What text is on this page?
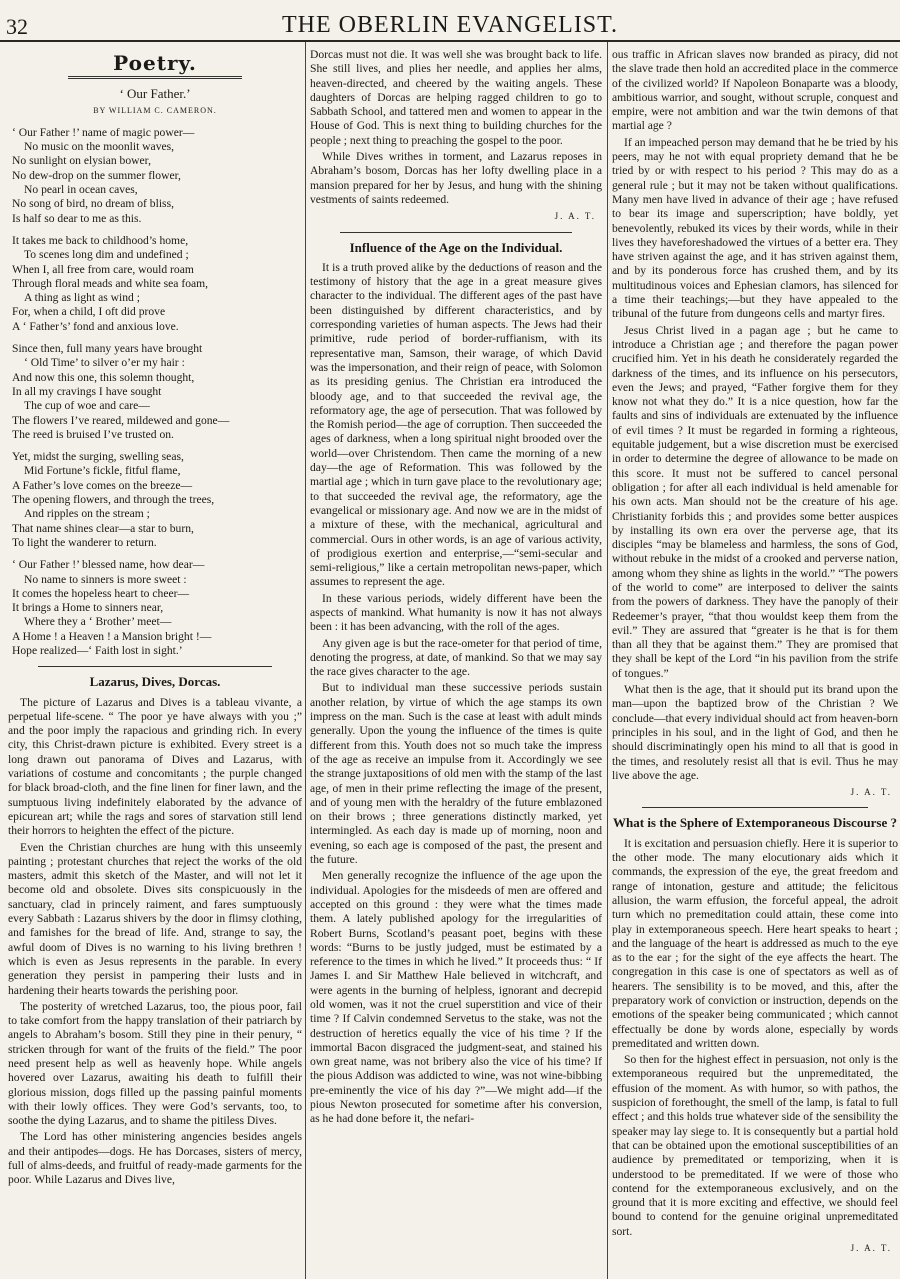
32	THE OBERLIN EVANGELIST.
Poetry.
‘ Our Father.’
BY WILLIAM C. CAMERON.
‘ Our Father !’ name of magic power—
No music on the moonlit waves,
No sunlight on elysian bower,
No dew-drop on the summer flower,
No pearl in ocean caves,
No song of bird, no dream of bliss,
Is half so dear to me as this.
It takes me back to childhood’s home,
To scenes long dim and undefined ;
When I, all free from care, would roam
Through floral meads and white sea foam,
A thing as light as wind ;
For, when a child, I oft did prove
A ‘ Father’s’ fond and anxious love.
Since then, full many years have brought
‘ Old Time’ to silver o’er my hair :
And now this one, this solemn thought,
In all my cravings I have sought
The cup of woe and care—
The flowers I’ve reared, mildewed and gone—
The reed is bruised I’ve trusted on.
Yet, midst the surging, swelling seas,
Mid Fortune’s fickle, fitful flame,
A Father’s love comes on the breeze—
The opening flowers, and through the trees,
And ripples on the stream ;
That name shines clear—a star to burn,
To light the wanderer to return.
‘ Our Father !’ blessed name, how dear—
No name to sinners is more sweet :
It comes the hopeless heart to cheer—
It brings a Home to sinners near,
Where they a ‘ Brother’ meet—
A Home ! a Heaven ! a Mansion bright !—
Hope realized—‘ Faith lost in sight.’
Lazarus, Dives, Dorcas.

The picture of Lazarus and Dives is a tableau vivante, a perpetual life-scene. “ The poor ye have always with you ;” and the poor imply the rapacious and grinding rich. In every city, this Christ-drawn picture is exhibited. Every street is a long drawn out panorama of Dives and Lazarus, with variations of costume and concomitants ; the purple changed for black broad-cloth, and the fine linen for finer lawn, and the sumptuous living indefinitely elaborated by the advance of epicurean art; while the rags and sores of starvation still lend their horrors to heighten the effect of the picture.

Even the Christian churches are hung with this unseemly painting ; protestant churches that reject the works of the old masters, admit this sketch of the Master, and will not let it become old and obsolete. Dives sits conspicuously in the sanctuary, clad in princely raiment, and fares sumptuously every Sabbath : Lazarus shivers by the door in flimsy clothing, and famishes for the bread of life. And, strange to say, the awful doom of Dives is no warning to his living brethren ! which is even as Jesus represents in the parable. In every generation they persist in pampering their lusts and in hardening their hearts towards the perishing poor.

The posterity of wretched Lazarus, too, the pious poor, fail to take comfort from the happy translation of their patriarch by angels to Abraham’s bosom. Still they pine in their penury, “ stricken through for want of the fruits of the field.” The poor need present help as well as heavenly hope. While angels hovered over Lazarus, awaiting his death to fulfill their glorious mission, dogs filled up the passing painful moments with their lowly offices. They were God’s servants, too, to soothe the dying Lazarus, and to shame the pitiless Dives.

The Lord has other ministering angencies besides angels and their antipodes—dogs. He has Dorcases, sisters of mercy, full of alms-deeds, and fruitful of ready-made garments for the poor. While Lazarus and Dives live,

Dorcas must not die. It was well she was brought back to life. She still lives, and plies her needle, and applies her alms, heaven-directed, and cheered by the waiting angels. These daughters of Dorcas are helping ragged children to go to Sabbath School, and tattered men and women to appear in the House of God. This is next thing to building churches for the people ; next thing to preaching the gospel to the poor.

While Dives writhes in torment, and Lazarus reposes in Abraham’s bosom, Dorcas has her lofty dwelling place in a mansion prepared for her by Jesus, and hung with the shining vestments of saints redeemed.

J. A. T.
Influence of the Age on the Individual.

It is a truth proved alike by the deductions of reason and the testimony of history that the age in a great measure gives character to the individual. The different ages of the past have been distinguished by different characteristics, and by corresponding varieties of human aspects. The Jews had their primitive, rude period of border-ruffianism, with its representative man, Samson, their warage, of which David was the impersonation, and their reign of peace, with Solomon as its presiding genius. The Christian era introduced the bloody age, and to that succeeded the revival age, the reformatory age, the age of persecution. That was followed by the Romish period—the age of corruption. Then succeeded the ages of darkness, when a long spiritual night brooded over the world—over Christendom. Then came the morning of a new day—the age of Reformation. This was followed by the martial age ; which in turn gave place to the revolutionary age; to that succeeded the revival age, the reformatory, age the evangelical or missionary age. And now we are in the midst of a mixture of these, with the mechanical, agricultural and commercial. Ours in other words, is an age of various activity, of prodigious exertion and enterprise,—“semi-secular and semi-religious,” like a certain metropolitan news-paper, which assumes to represent the age.

In these various periods, widely different have been the aspects of mankind. What humanity is now it has not always been : it has been advancing, with the roll of the ages.

Any given age is but the race-ometer for that period of time, denoting the progress, at date, of mankind. So that we may say the race gives character to the age.

But to individual man these successive periods sustain another relation, by virtue of which the age stamps its own impress on the man. Such is the case at least with adult minds generally. Upon the young the influence of the times is quite different from this. Youth does not so much take the impress of the age as receive an impulse from it. Accordingly we see the strange juxtapositions of old men with the stamp of the last age, of men in their prime reflecting the image of the present, and of young men with the heraldry of the future emblazoned on their brows ; three generations distinctly marked, yet intermingled. As each day is made up of morning, noon and evening, so each age is composed of the past, the present and the future.

Men generally recognize the influence of the age upon the individual. Apologies for the misdeeds of men are offered and accepted on this ground : they were what the times made them. A lately published apology for the irregularities of Robert Burns, Scotland’s peasant poet, begins with these words: “Burns to be justly judged, must be estimated by a reference to the times in which he lived.” It proceeds thus: “ If James I. and Sir Matthew Hale believed in witchcraft, and were agents in the burning of helpless, ignorant and decrepid old women, was it not the cruel superstition and vice of their time ? If Calvin condemned Servetus to the stake, was not the destruction of heretics equally the vice of his time ? If the immortal Bacon disgraced the judgment-seat, and stained his own great name, was not bribery also the vice of his time? If the pious Addison was addicted to wine, was not wine-bibbing pre-eminently the vice of his day ?”—We might add—if the pious Newton prosecuted for sometime after his conversion, as he had done before it, the nefari-

ous traffic in African slaves now branded as piracy, did not the slave trade then hold an accredited place in the commerce of the civilized world? If Napoleon Bonaparte was a bloody, ambitious warrior, and sought, without scruple, conquest and empire, were not ambition and war the twin demons of that martial age ?

If an impeached person may demand that he be tried by his peers, may he not with equal propriety demand that he be tried by or with respect to his period ? This may do as a general rule ; but it may not be taken without qualifications. Many men have lived in advance of their age ; have refused to bear its image and superscription; have boldly, yet benevolently, rebuked its vices by their words, while in their lives they haveforeshadowed the virtues of a better era. They have striven against the age, and it has striven against them, and by its ponderous force has crushed them, and by its multitudinous voices and Ephesian clamors, has silenced for a time their teachings;—but they have appealed to the tribunal of the future from dungeons cells and martyr fires.

Jesus Christ lived in a pagan age ; but he came to introduce a Christian age ; and therefore the pagan power crucified him. Yet in his death he considerately regarded the darkness of the times, and its influence on his persecutors, even the Jews; and prayed, “Father forgive them for they know not what they do.” It is a nice question, how far the faults and sins of individuals are extenuated by the influence of evil times ? It must be regarded in forming a righteous, equitable judgement, but a wise discretion must be exercised in order to determine the degree of allowance to be made on this score. It must not be suffered to cancel personal obligation ; for after all each individual is held amenable for his own acts. Man should not be the creature of his age. Christianity forbids this ; and provides some better auspices by installing its own era over the perverse age, that its disciples “may be blameless and harmless, the sons of God, without rebuke in the midst of a crooked and perverse nation, among whom they shine as lights in the world.” “The powers of the world to come” are interposed to deliver the saints from the powers of darkness. They have the panoply of their Redeemer’s prayer, “that thou wouldst keep them from the evil.” They are assured that “greater is he that is for them than all they that be against them.” They are promised that they shall be kept of the Lord “in his pavilion from the strife of tongues.”

What then is the age, that it should put its brand upon the man—upon the baptized brow of the Christian ? We conclude—that every individual should act from heaven-born principles in his soul, and in the light of God, and then he should discriminatingly open his mind to all that is good in the times, and resolutely resist all that is evil. Thus he may live above the age.

J. A. T.
What is the Sphere of Extemporaneous Discourse ?

It is excitation and persuasion chiefly. Here it is superior to the other mode. The many elocutionary aids which it commands, the expression of the eye, the great freedom and range of intonation, gesture and attitude; the felicitous allusion, the warm effusion, the forceful appeal, the adroit turn which no premeditation could attain, these come into play in extemporaneous speech. Here heart speaks to heart ; and the language of the heart is addressed as much to the eye as to the ear ; for the sight of the eye affects the heart. The congregation in this case is one of spectators as well as of hearers. The sensibility is to be moved, and this, after the preparatory work of conviction or instruction, depends on the emotions of the speaker being communicated ; which cannot effectually be done by words alone, especially by words premeditated and written down.

So then for the highest effect in persuasion, not only is the extemporaneous required but the unpremeditated, the effusion of the moment. As with humor, so with pathos, the suspicion of forethought, the smell of the lamp, is fatal to full effect ; and this holds true whatever side of the sensibility the speaker may lay siege to. It is consequently but a partial hold that can be obtained upon the emotional susceptibilities of an audience by premeditated or temporizing, when it is understood to be premeditated. If we were of those who contend for the extemporaneous exclusively, and on the ground that it is more exciting and effective, we should feel bound to contend for the genuine original unpremeditated sort.

J. A. T.
